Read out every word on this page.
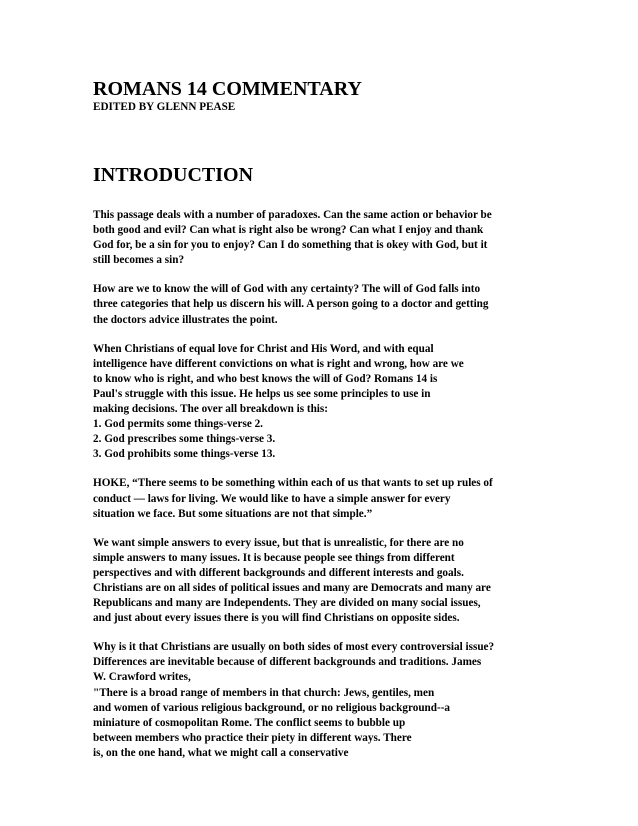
ROMANS 14 COMMENTARY
EDITED BY GLENN PEASE
INTRODUCTION
This passage deals with a number of paradoxes. Can the same action or behavior be
both good and evil? Can what is right also be wrong? Can what I enjoy and thank
God for, be a sin for you to enjoy? Can I do something that is okey with God, but it
still becomes a sin?
How are we to know the will of God with any certainty? The will of God falls into
three categories that help us discern his will. A person going to a doctor and getting
the doctors advice illustrates the point.
When Christians of equal love for Christ and His Word, and with equal
intelligence have different convictions on what is right and wrong, how are we
to know who is right, and who best knows the will of God? Romans 14 is
Paul's struggle with this issue. He helps us see some principles to use in
making decisions. The over all breakdown is this:
1. God permits some things-verse 2.
2. God prescribes some things-verse 3.
3. God prohibits some things-verse 13.
HOKE, “There seems to be something within each of us that wants to set up rules of
conduct — laws for living. We would like to have a simple answer for every
situation we face. But some situations are not that simple.”
We want simple answers to every issue, but that is unrealistic, for there are no
simple answers to many issues. It is because people see things from different
perspectives and with different backgrounds and different interests and goals.
Christians are on all sides of political issues and many are Democrats and many are
Republicans and many are Independents. They are divided on many social issues,
and just about every issues there is you will find Christians on opposite sides.
Why is it that Christians are usually on both sides of most every controversial issue?
Differences are inevitable because of different backgrounds and traditions. James
W. Crawford writes,
"There is a broad range of members in that church: Jews, gentiles, men
and women of various religious background, or no religious background--a
miniature of cosmopolitan Rome. The conflict seems to bubble up
between members who practice their piety in different ways. There
is, on the one hand, what we might call a conservative
